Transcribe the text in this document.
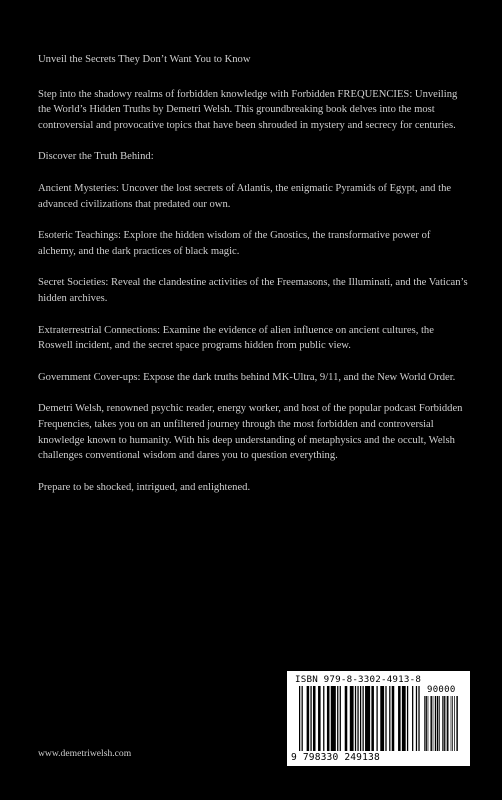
Unveil the Secrets They Don’t Want You to Know

Step into the shadowy realms of forbidden knowledge with Forbidden FREQUENCIES: Unveiling the World’s Hidden Truths by Demetri Welsh. This groundbreaking book delves into the most controversial and provocative topics that have been shrouded in mystery and secrecy for centuries.

Discover the Truth Behind:

Ancient Mysteries: Uncover the lost secrets of Atlantis, the enigmatic Pyramids of Egypt, and the advanced civilizations that predated our own.

Esoteric Teachings: Explore the hidden wisdom of the Gnostics, the transformative power of alchemy, and the dark practices of black magic.

Secret Societies: Reveal the clandestine activities of the Freemasons, the Illuminati, and the Vatican’s hidden archives.

Extraterrestrial Connections: Examine the evidence of alien influence on ancient cultures, the Roswell incident, and the secret space programs hidden from public view.

Government Cover-ups: Expose the dark truths behind MK-Ultra, 9/11, and the New World Order.

Demetri Welsh, renowned psychic reader, energy worker, and host of the popular podcast Forbidden Frequencies, takes you on an unfiltered journey through the most forbidden and controversial knowledge known to humanity. With his deep understanding of metaphysics and the occult, Welsh challenges conventional wisdom and dares you to question everything.

Prepare to be shocked, intrigued, and enlightened.

www.demetriwelsh.com
ISBN 979-8-3302-4913-8
90000
9 798330 249138
